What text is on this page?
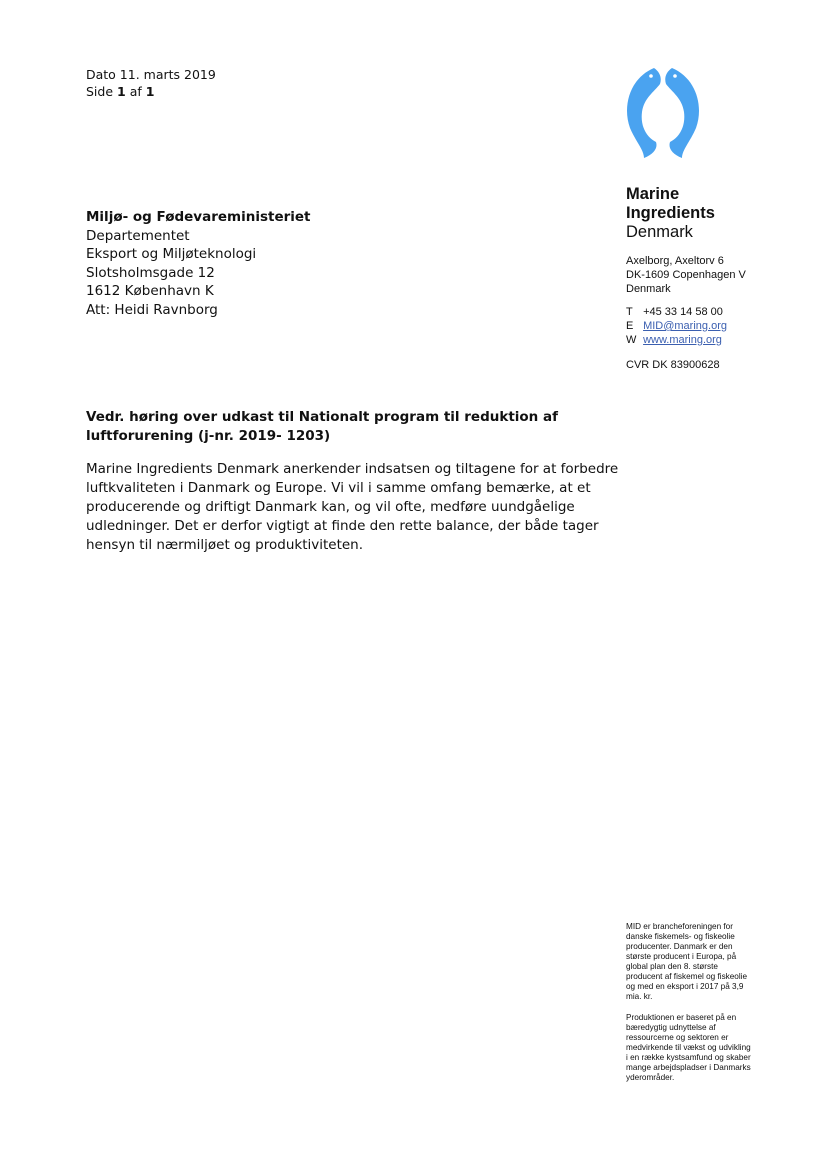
Dato 11. marts 2019
Side 1 af 1
Marine
Ingredients
Denmark
Axelborg, Axeltorv 6
DK-1609 Copenhagen V
Denmark
T +45 33 14 58 00
E MID@maring.org
W www.maring.org
CVR DK 83900628
Miljø- og Fødevareministeriet
Departementet
Eksport og Miljøteknologi
Slotsholmsgade 12
1612 København K
Att: Heidi Ravnborg
Vedr. høring over udkast til Nationalt program til reduktion af luftforurening (j-nr. 2019- 1203)
Marine Ingredients Denmark anerkender indsatsen og tiltagene for at forbedre luftkvaliteten i Danmark og Europe. Vi vil i samme omfang bemærke, at et producerende og driftigt Danmark kan, og vil ofte, medføre uundgåelige udledninger. Det er derfor vigtigt at finde den rette balance, der både tager hensyn til nærmiljøet og produktiviteten.
MID er brancheforeningen for danske fiskemels- og fiskeolie producenter. Danmark er den største producent i Europa, på global plan den 8. største producent af fiskemel og fiskeolie og med en eksport i 2017 på 3,9 mia. kr.
Produktionen er baseret på en bæredygtig udnyttelse af ressourcerne og sektoren er medvirkende til vækst og udvikling i en række kystsamfund og skaber mange arbejdspladser i Danmarks yderområder.
